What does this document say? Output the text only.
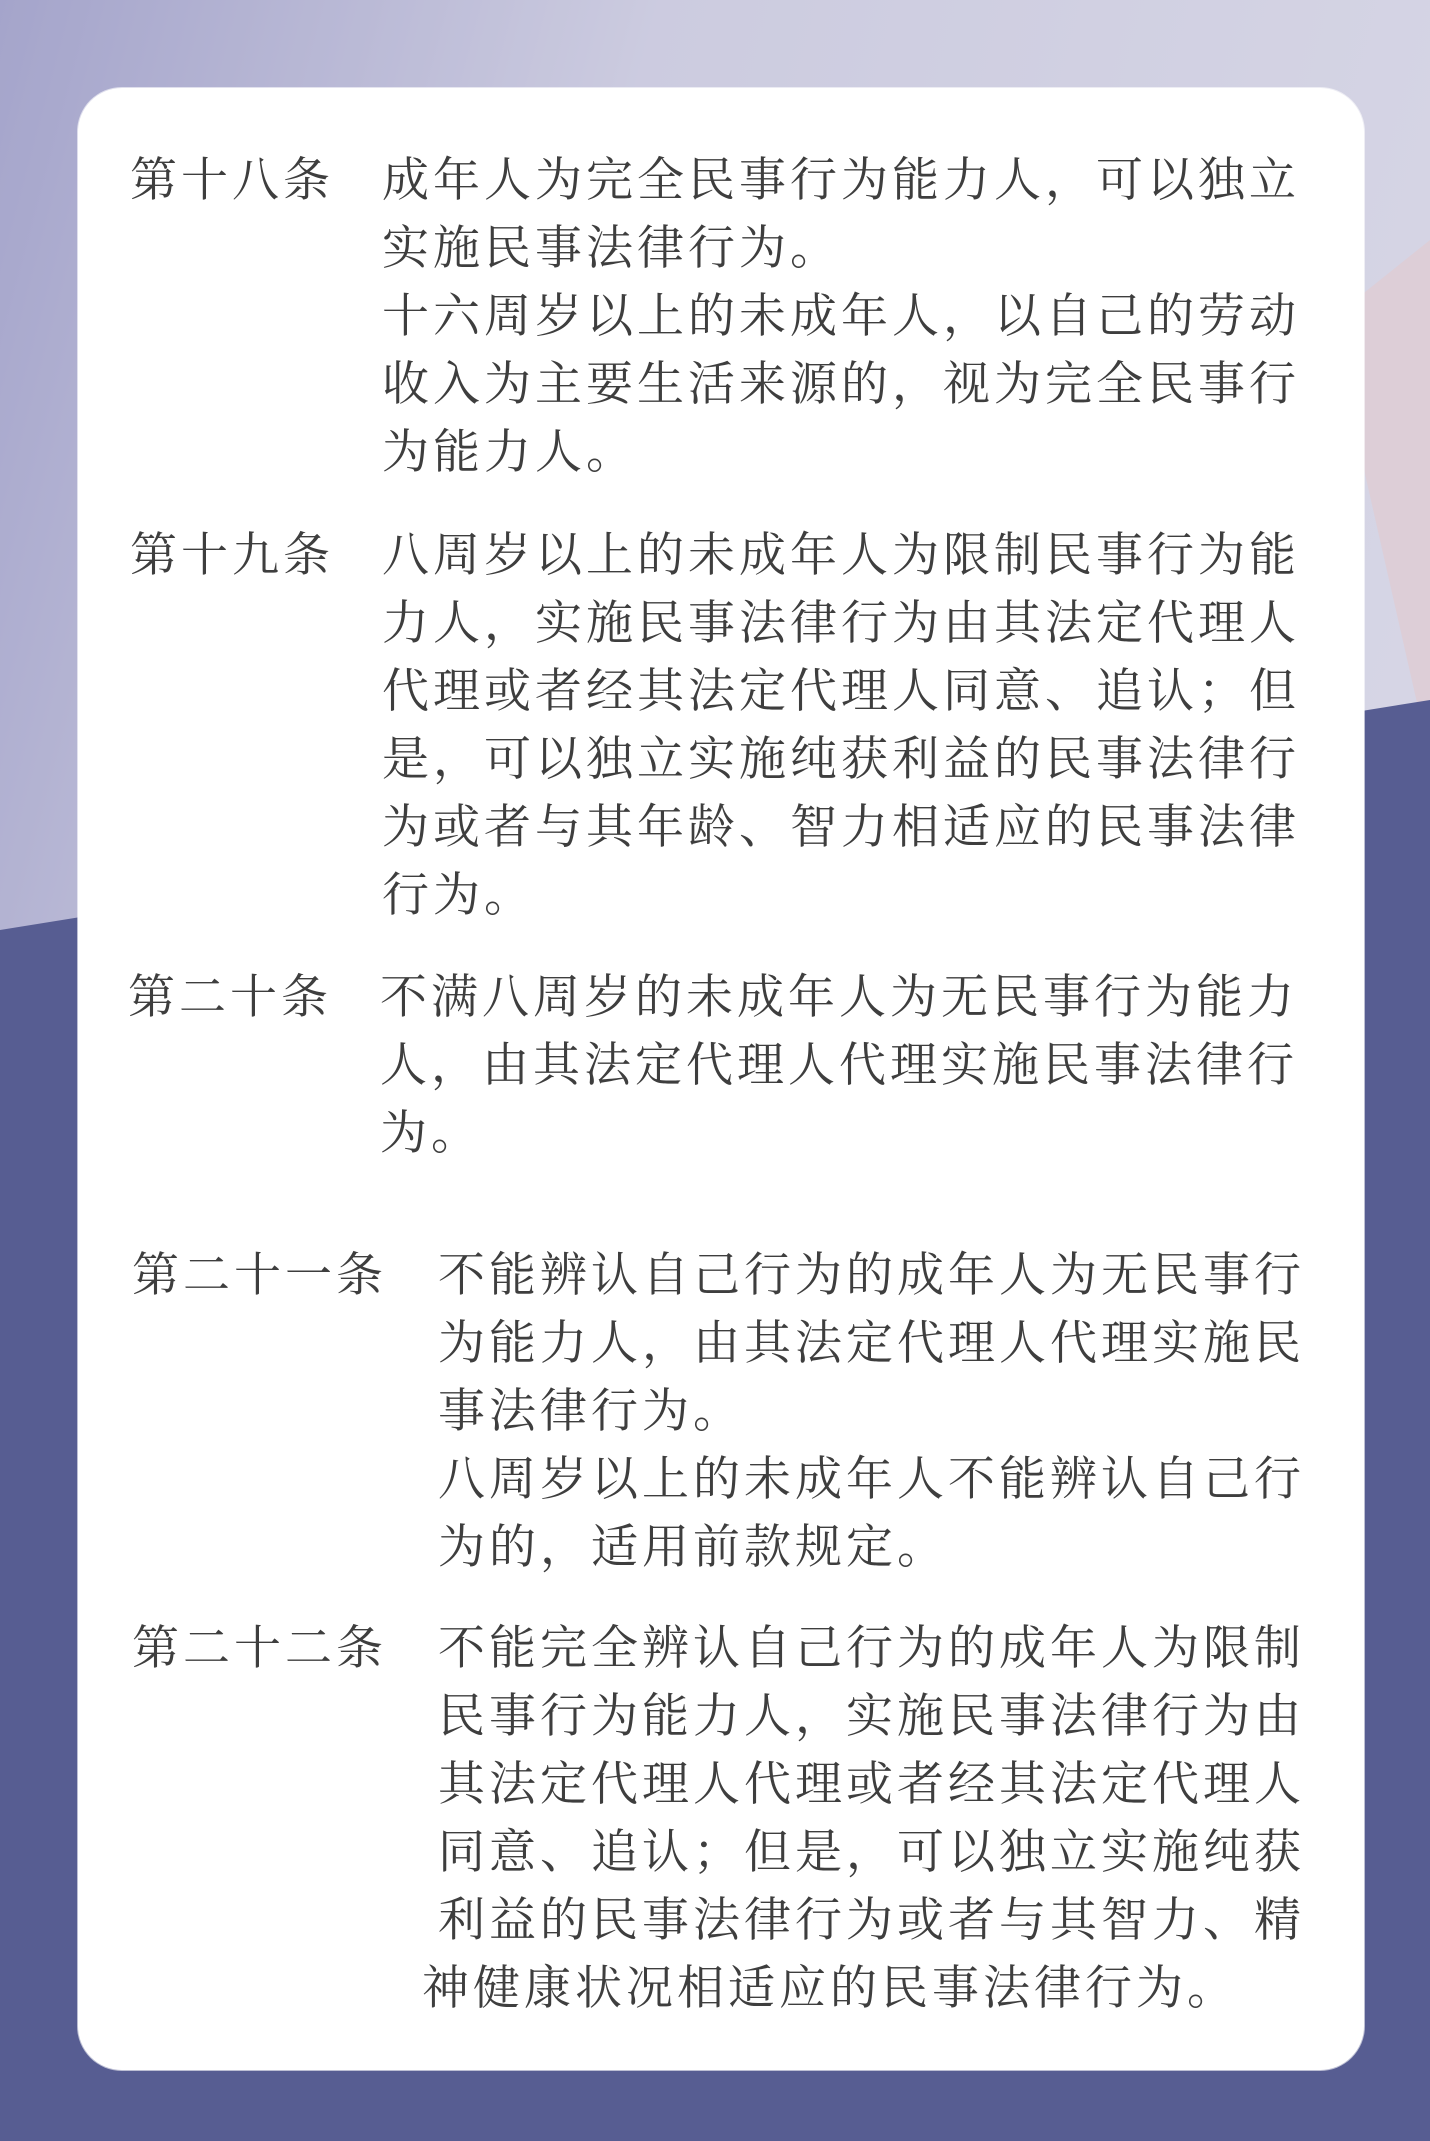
第十八条 成年人为完全民事行为能力人，可以独立
实施民事法律行为。
十六周岁以上的未成年人，以自己的劳动
收入为主要生活来源的，视为完全民事行
为能力人。
第十九条 八周岁以上的未成年人为限制民事行为能
力人，实施民事法律行为由其法定代理人
代理或者经其法定代理人同意、追认；但
是，可以独立实施纯获利益的民事法律行
为或者与其年龄、智力相适应的民事法律
行为。
第二十条 不满八周岁的未成年人为无民事行为能力
人，由其法定代理人代理实施民事法律行
为。
第二十一条 不能辨认自己行为的成年人为无民事行
为能力人，由其法定代理人代理实施民
事法律行为。
八周岁以上的未成年人不能辨认自己行
为的，适用前款规定。
第二十二条 不能完全辨认自己行为的成年人为限制
民事行为能力人，实施民事法律行为由
其法定代理人代理或者经其法定代理人
同意、追认；但是，可以独立实施纯获
利益的民事法律行为或者与其智力、精
神健康状况相适应的民事法律行为。
